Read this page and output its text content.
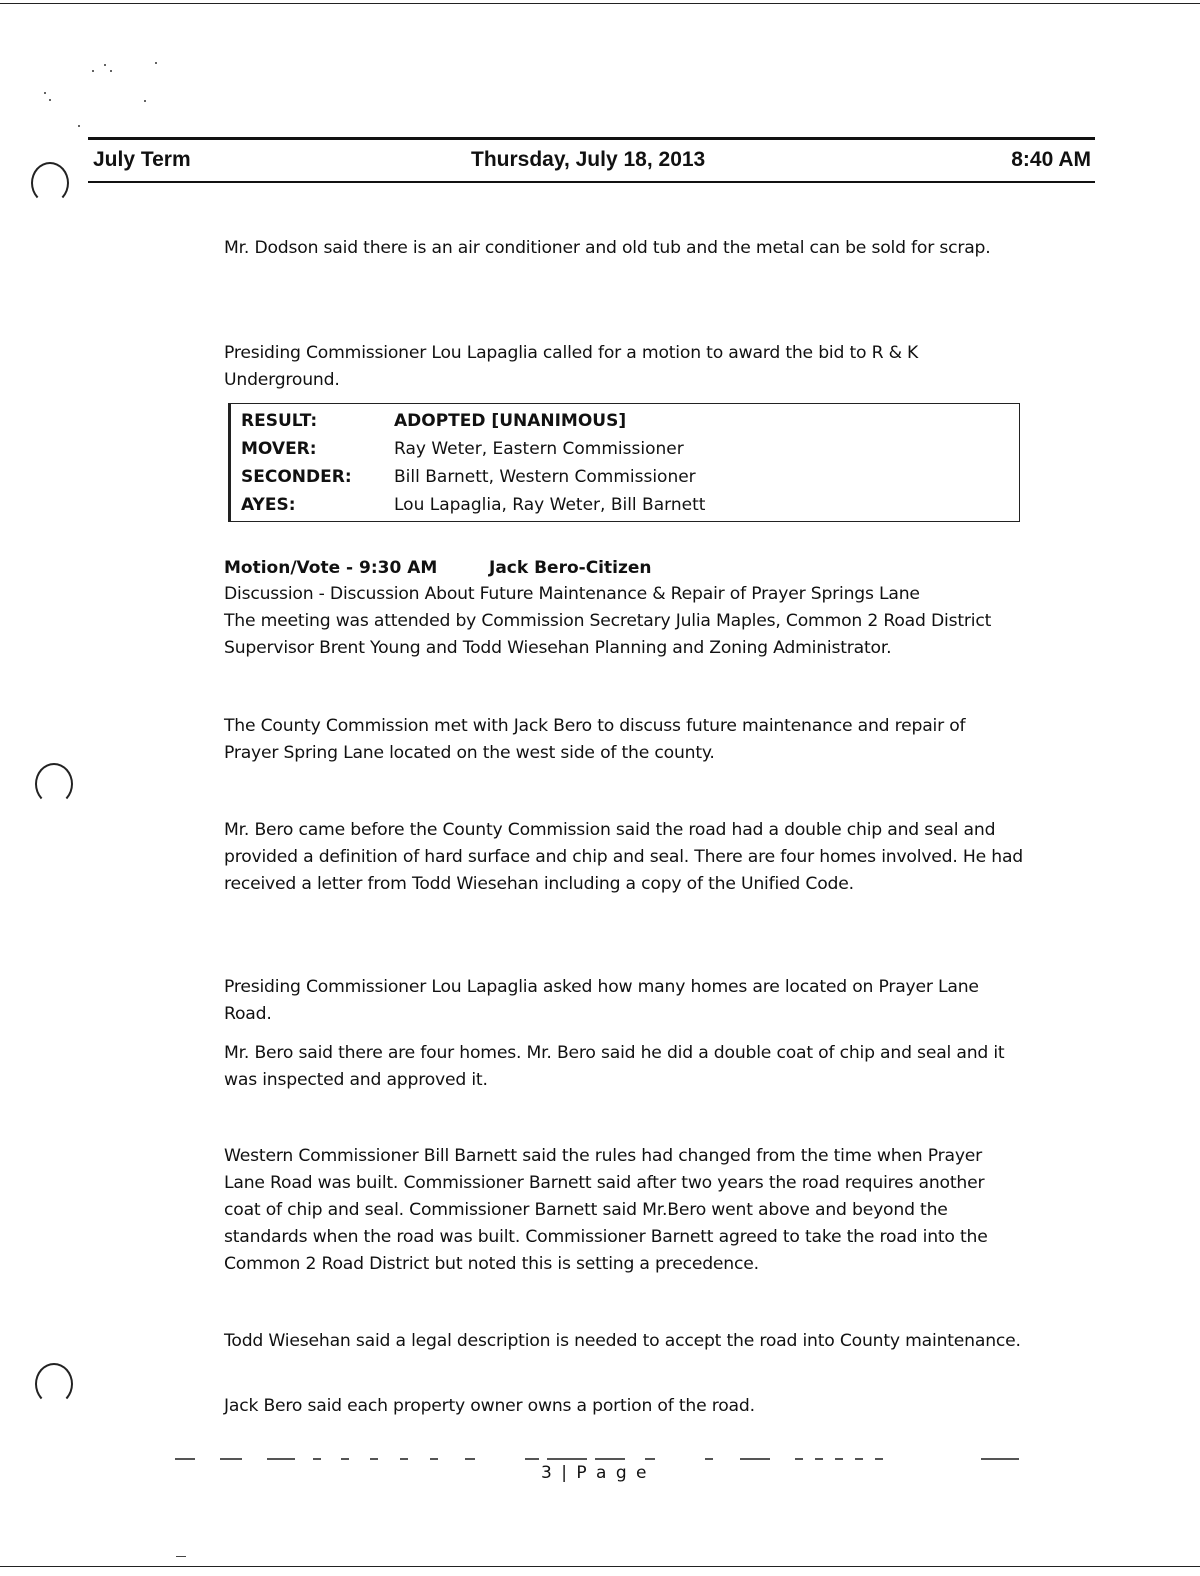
July Term	Thursday, July 18, 2013	8:40 AM
Mr. Dodson said there is an air conditioner and old tub and the metal can be sold for scrap.
Presiding Commissioner Lou Lapaglia called for a motion to award the bid to R & K Underground.
RESULT:	ADOPTED [UNANIMOUS]
MOVER:	Ray Weter, Eastern Commissioner
SECONDER: Bill Barnett, Western Commissioner
AYES:	Lou Lapaglia, Ray Weter, Bill Barnett
Motion/Vote - 9:30 AM	Jack Bero-Citizen
Discussion - Discussion About Future Maintenance & Repair of Prayer Springs Lane
The meeting was attended by Commission Secretary Julia Maples, Common 2 Road District Supervisor Brent Young and Todd Wiesehan Planning and Zoning Administrator.
The County Commission met with Jack Bero to discuss future maintenance and repair of Prayer Spring Lane located on the west side of the county.
Mr. Bero came before the County Commission said the road had a double chip and seal and provided a definition of hard surface and chip and seal. There are four homes involved. He had received a letter from Todd Wiesehan including a copy of the Unified Code.
Presiding Commissioner Lou Lapaglia asked how many homes are located on Prayer Lane Road.
Mr. Bero said there are four homes. Mr. Bero said he did a double coat of chip and seal and it was inspected and approved it.
Western Commissioner Bill Barnett said the rules had changed from the time when Prayer Lane Road was built. Commissioner Barnett said after two years the road requires another coat of chip and seal. Commissioner Barnett said Mr.Bero went above and beyond the standards when the road was built. Commissioner Barnett agreed to take the road into the Common 2 Road District but noted this is setting a precedence.
Todd Wiesehan said a legal description is needed to accept the road into County maintenance.
Jack Bero said each property owner owns a portion of the road.
3 | P a g e
